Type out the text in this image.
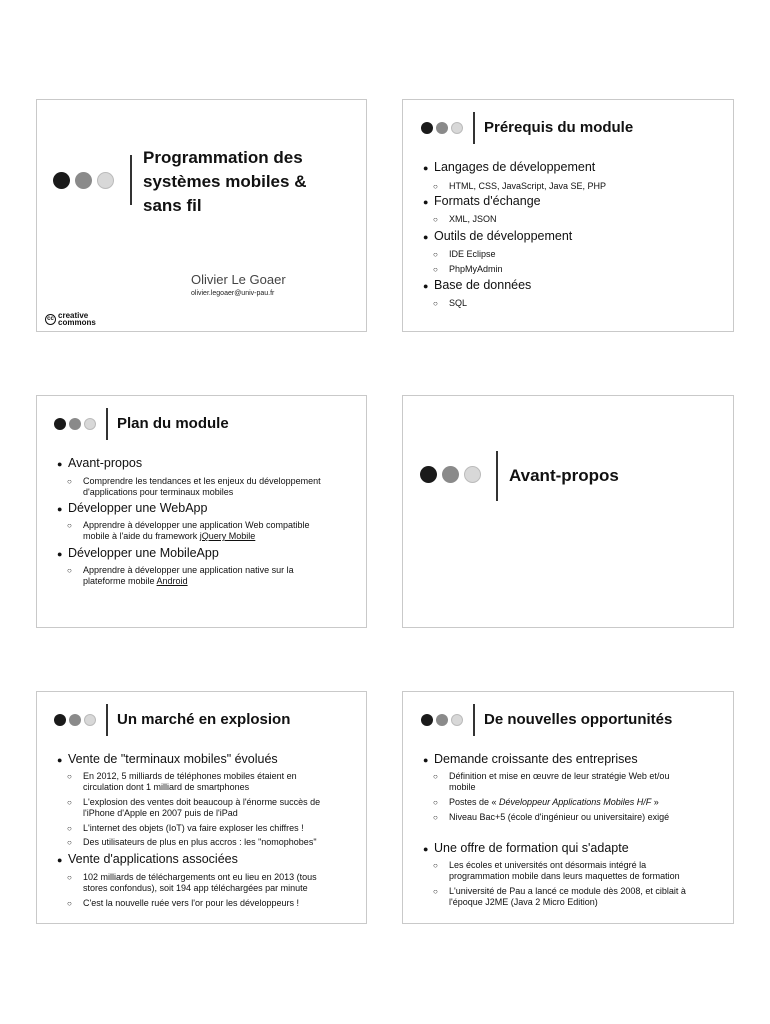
Programmation des
systèmes mobiles &
sans fil
Olivier Le Goaer
olivier.legoaer@univ-pau.fr
cc creative
commons
Prérequis du module
● Langages de développement
○ HTML, CSS, JavaScript, Java SE, PHP
● Formats d'échange
○ XML, JSON
● Outils de développement
○ IDE Eclipse
○ PhpMyAdmin
● Base de données
○ SQL
Plan du module
● Avant-propos
○ Comprendre les tendances et les enjeux du développement
d'applications pour terminaux mobiles
● Développer une WebApp
○ Apprendre à développer une application Web compatible
mobile à l'aide du framework jQuery Mobile
● Développer une MobileApp
○ Apprendre à développer une application native sur la
plateforme mobile Android
Avant-propos
Un marché en explosion
● Vente de "terminaux mobiles" évolués
○ En 2012, 5 milliards de téléphones mobiles étaient en
circulation dont 1 milliard de smartphones
○ L'explosion des ventes doit beaucoup à l'énorme succès de
l'iPhone d'Apple en 2007 puis de l'iPad
○ L'internet des objets (IoT) va faire exploser les chiffres !
○ Des utilisateurs de plus en plus accros : les "nomophobes"
● Vente d'applications associées
○ 102 milliards de téléchargements ont eu lieu en 2013 (tous
stores confondus), soit 194 app téléchargées par minute
○ C'est la nouvelle ruée vers l'or pour les développeurs !
De nouvelles opportunités
● Demande croissante des entreprises
○ Définition et mise en œuvre de leur stratégie Web et/ou
mobile
○ Postes de « Développeur Applications Mobiles H/F »
○ Niveau Bac+5 (école d'ingénieur ou universitaire) exigé
● Une offre de formation qui s'adapte
○ Les écoles et universités ont désormais intégré la
programmation mobile dans leurs maquettes de formation
○ L'université de Pau a lancé ce module dès 2008, et ciblait à
l'époque J2ME (Java 2 Micro Edition)
